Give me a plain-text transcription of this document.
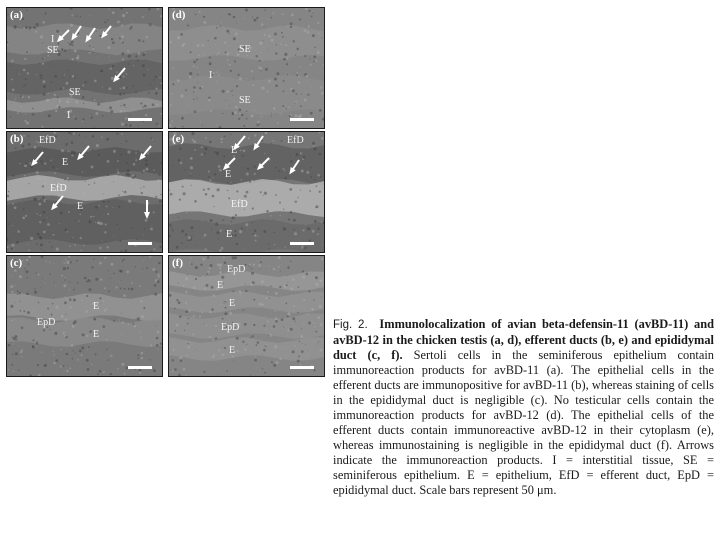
(a)
I
SE
SE
I
(d)
SE
I
SE
(b) EfD
E
EfD
E
(e)	EfD
E
E
EfD
E
(c)
E
EpD
E
(f)
EpD
E
E
EpD
E
Fig. 2. Immunolocalization of avian beta-defensin-11 (avBD-11) and avBD-12 in the chicken testis (a, d), efferent ducts (b, e) and epididymal duct (c, f). Sertoli cells in the seminiferous epithelium contain immunoreaction products for avBD-11 (a). The epithelial cells in the efferent ducts are immunopositive for avBD-11 (b), whereas staining of cells in the epididymal duct is negligible (c). No testicular cells contain the immunoreaction products for avBD-12 (d). The epithelial cells of the efferent ducts contain immunoreactive avBD-12 in their cytoplasm (e), whereas immunostaining is negligible in the epididymal duct (f). Arrows indicate the immunoreaction products. I = interstitial tissue, SE = seminiferous epithelium. E = epithelium, EfD = efferent duct, EpD = epididymal duct. Scale bars represent 50 μm.
